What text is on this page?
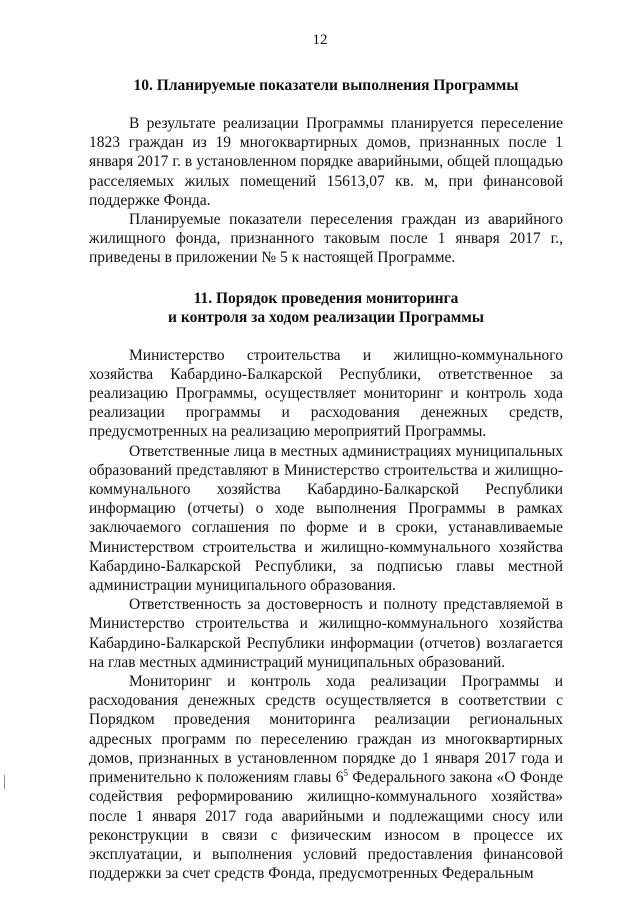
12
10. Планируемые показатели выполнения Программы

В результате реализации Программы планируется переселение 1823 граждан из 19 многоквартирных домов, признанных после 1 января 2017 г. в установленном порядке аварийными, общей площадью расселяемых жилых помещений 15613,07 кв. м, при финансовой поддержке Фонда.

Планируемые показатели переселения граждан из аварийного жилищного фонда, признанного таковым после 1 января 2017 г., приведены в приложении № 5 к настоящей Программе.

11. Порядок проведения мониторинга
и контроля за ходом реализации Программы

Министерство строительства и жилищно-коммунального хозяйства Кабардино-Балкарской Республики, ответственное за реализацию Программы, осуществляет мониторинг и контроль хода реализации программы и расходования денежных средств, предусмотренных на реализацию мероприятий Программы.

Ответственные лица в местных администрациях муниципальных образований представляют в Министерство строительства и жилищно-коммунального хозяйства Кабардино-Балкарской Республики информацию (отчеты) о ходе выполнения Программы в рамках заключаемого соглашения по форме и в сроки, устанавливаемые Министерством строительства и жилищно-коммунального хозяйства Кабардино-Балкарской Республики, за подписью главы местной администрации муниципального образования.

Ответственность за достоверность и полноту представляемой в Министерство строительства и жилищно-коммунального хозяйства Кабардино-Балкарской Республики информации (отчетов) возлагается на глав местных администраций муниципальных образований.

Мониторинг и контроль хода реализации Программы и расходования денежных средств осуществляется в соответствии с Порядком проведения мониторинга реализации региональных адресных программ по переселению граждан из многоквартирных домов, признанных в установленном порядке до 1 января 2017 года и применительно к положениям главы $6^5$ Федерального закона «О Фонде содействия реформированию жилищно-коммунального хозяйства» после 1 января 2017 года аварийными и подлежащими сносу или реконструкции в связи с физическим износом в процессе их эксплуатации, и выполнения условий предоставления финансовой поддержки за счет средств Фонда, предусмотренных Федеральным
